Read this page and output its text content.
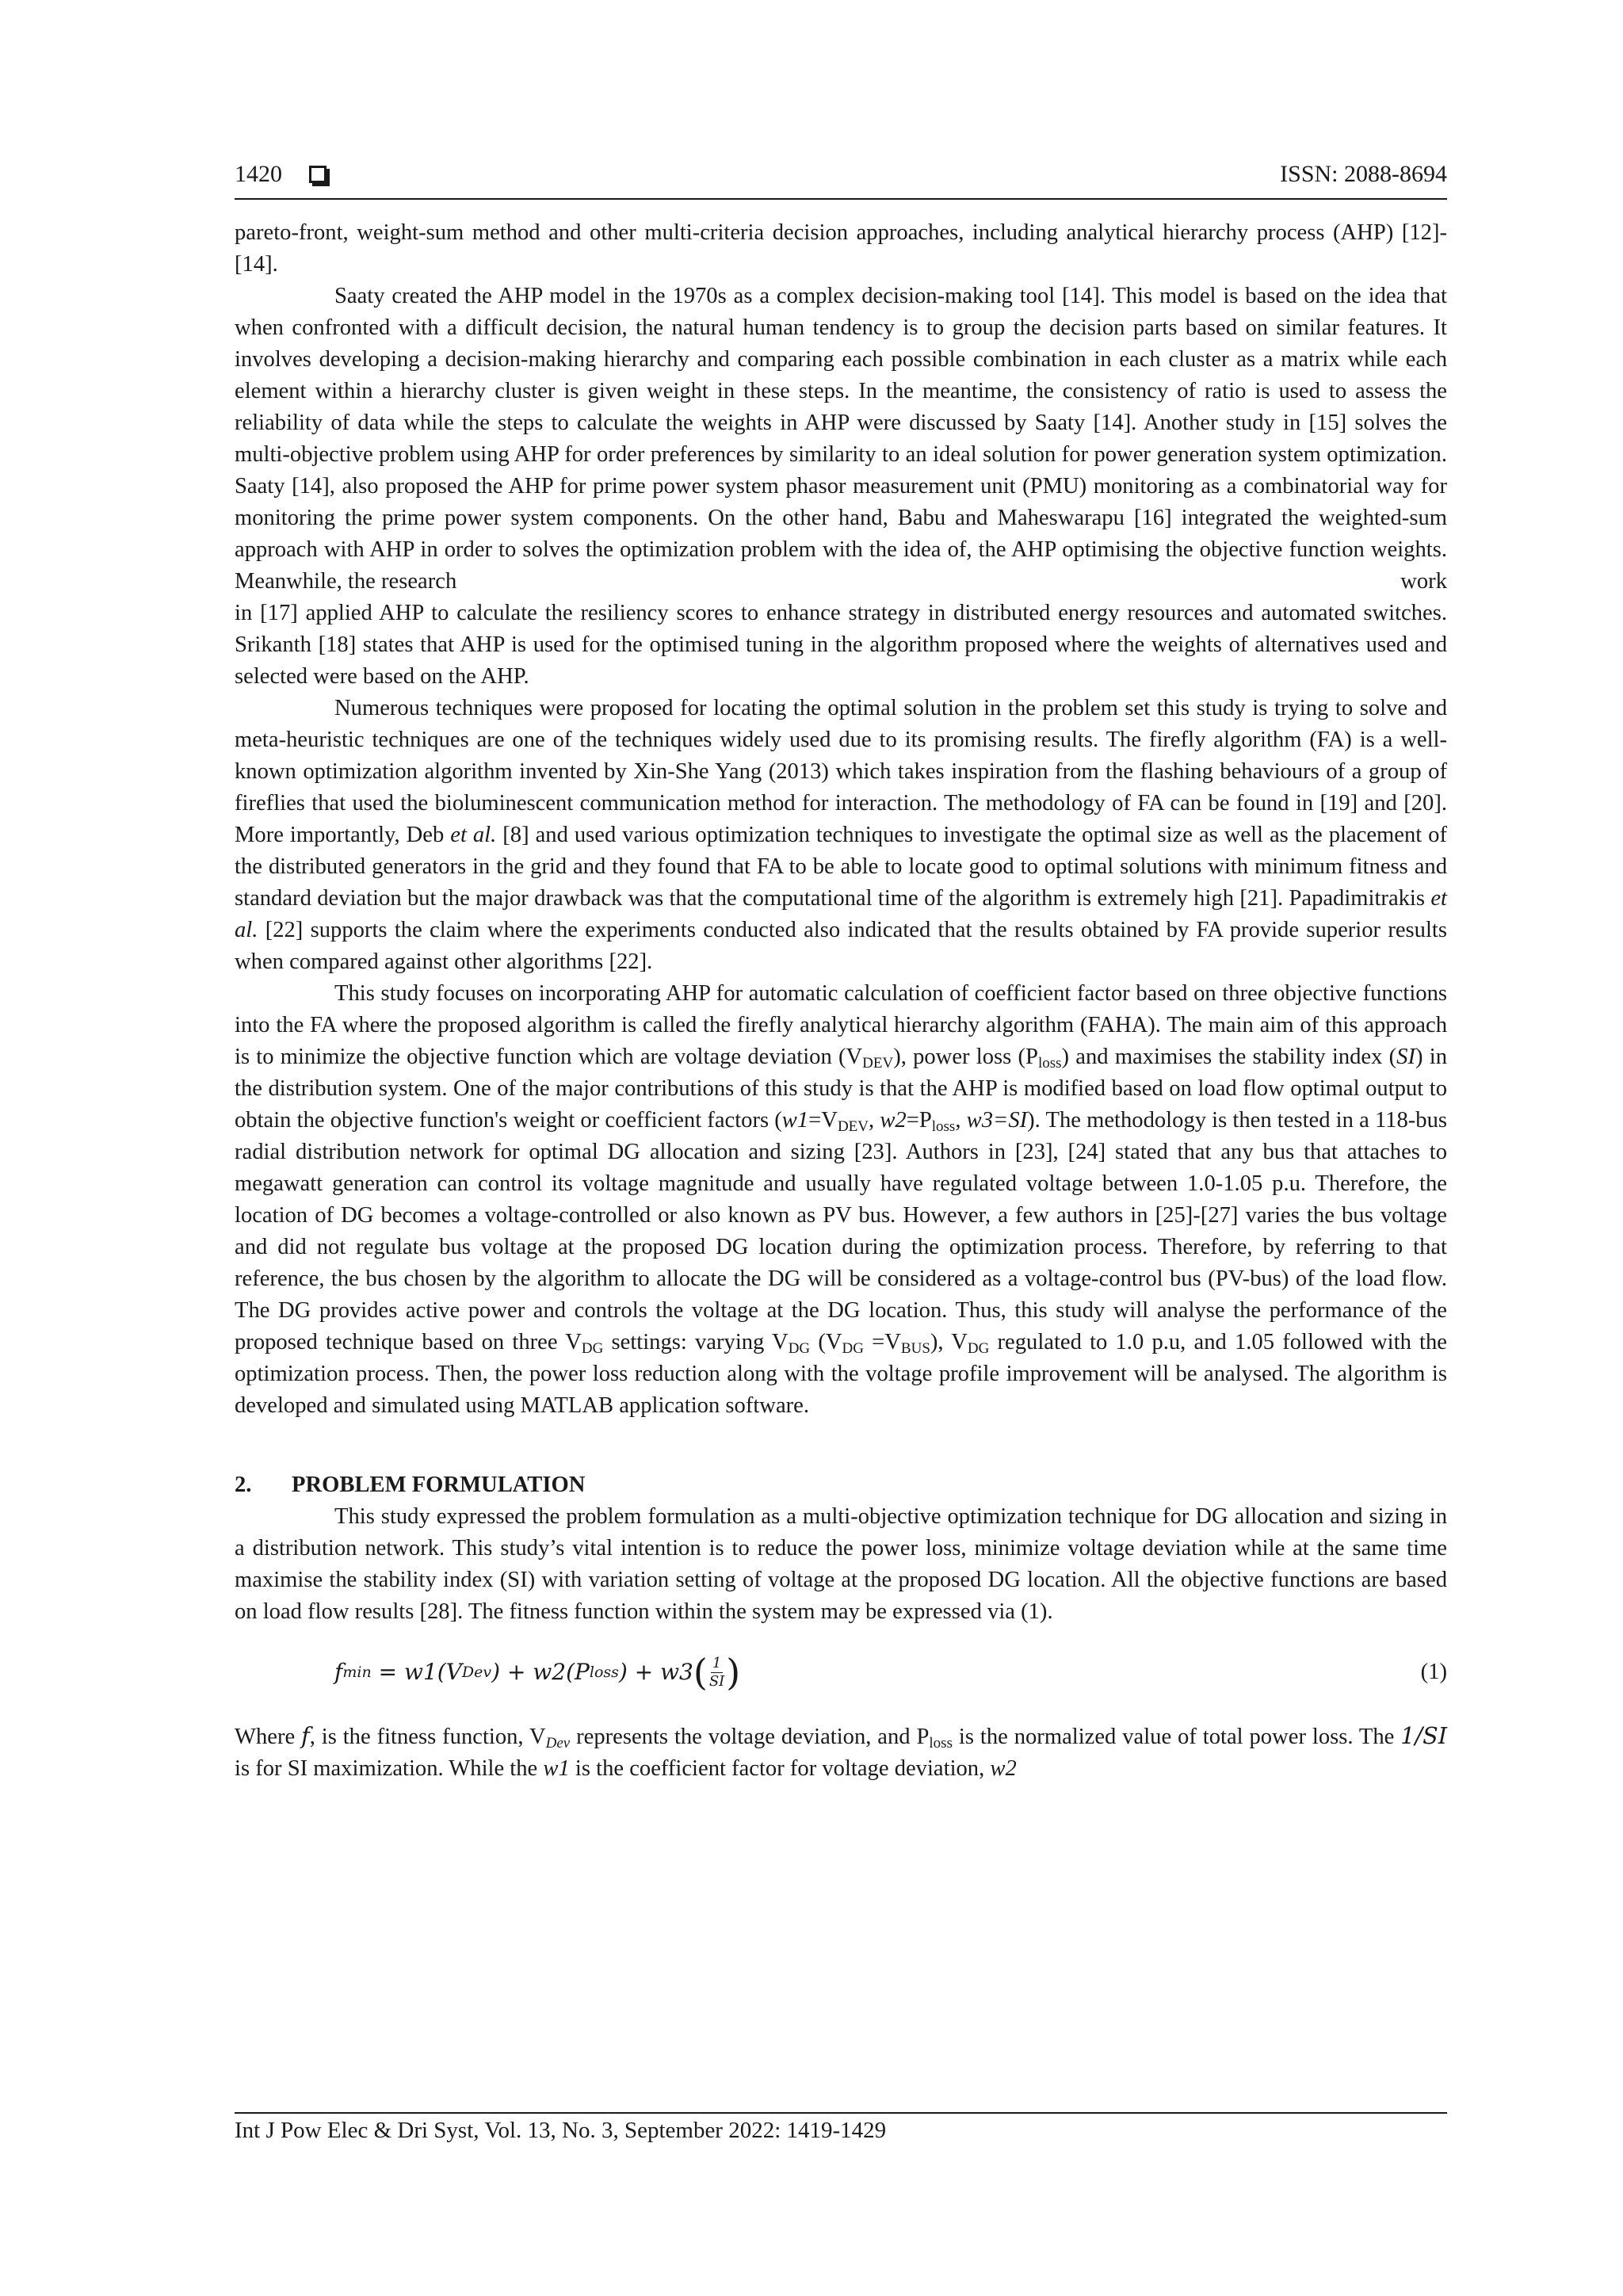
1420	ISSN: 2088-8694

pareto-front, weight-sum method and other multi-criteria decision approaches, including analytical hierarchy process (AHP) [12]-[14].

Saaty created the AHP model in the 1970s as a complex decision-making tool [14]. This model is based on the idea that when confronted with a difficult decision, the natural human tendency is to group the decision parts based on similar features. It involves developing a decision-making hierarchy and comparing each possible combination in each cluster as a matrix while each element within a hierarchy cluster is given weight in these steps. In the meantime, the consistency of ratio is used to assess the reliability of data while the steps to calculate the weights in AHP were discussed by Saaty [14]. Another study in [15] solves the multi-objective problem using AHP for order preferences by similarity to an ideal solution for power generation system optimization. Saaty [14], also proposed the AHP for prime power system phasor measurement unit (PMU) monitoring as a combinatorial way for monitoring the prime power system components. On the other hand, Babu and Maheswarapu [16] integrated the weighted-sum approach with AHP in order to solves the optimization problem with the idea of, the AHP optimising the objective function weights. Meanwhile, the research	work

in [17] applied AHP to calculate the resiliency scores to enhance strategy in distributed energy resources and automated switches. Srikanth [18] states that AHP is used for the optimised tuning in the algorithm proposed where the weights of alternatives used and selected were based on the AHP.

Numerous techniques were proposed for locating the optimal solution in the problem set this study is trying to solve and meta-heuristic techniques are one of the techniques widely used due to its promising results. The firefly algorithm (FA) is a well-known optimization algorithm invented by Xin-She Yang (2013) which takes inspiration from the flashing behaviours of a group of fireflies that used the bioluminescent communication method for interaction. The methodology of FA can be found in [19] and [20]. More importantly, Deb et al. [8] and used various optimization techniques to investigate the optimal size as well as the placement of the distributed generators in the grid and they found that FA to be able to locate good to optimal solutions with minimum fitness and standard deviation but the major drawback was that the computational time of the algorithm is extremely high [21]. Papadimitrakis et al. [22] supports the claim where the experiments conducted also indicated that the results obtained by FA provide superior results when compared against other algorithms [22].

This study focuses on incorporating AHP for automatic calculation of coefficient factor based on three objective functions into the FA where the proposed algorithm is called the firefly analytical hierarchy algorithm (FAHA). The main aim of this approach is to minimize the objective function which are voltage deviation $(V_{DEV})$, power loss $(P_{loss})$ and maximises the stability index (SI) in the distribution system. One of the major contributions of this study is that the AHP is modified based on load flow optimal output to obtain the objective function's weight or coefficient factors ($w1=V_{DEV}$, $w2=P_{loss}$, w3=SI). The methodology is then tested in a 118-bus radial distribution network for optimal DG allocation and sizing [23]. Authors in [23], [24] stated that any bus that attaches to megawatt generation can control its voltage magnitude and usually have regulated voltage between 1.0-1.05 p.u. Therefore, the location of DG becomes a voltage-controlled or also known as PV bus. However, a few authors in [25]-[27] varies the bus voltage and did not regulate bus voltage at the proposed DG location during the optimization process. Therefore, by referring to that reference, the bus chosen by the algorithm to allocate the DG will be considered as a voltage-control bus (PV-bus) of the load flow. The DG provides active power and controls the voltage at the DG location. Thus, this study will analyse the performance of the proposed technique based on three $V_{DG}$ settings: varying $V_{DG}$ $(V_{DG} =V_{BUS})$, $V_{DG}$ regulated to 1.0 p.u, and 1.05 followed with the optimization process. Then, the power loss reduction along with the voltage profile improvement will be analysed. The algorithm is developed and simulated using MATLAB application software.

2.	PROBLEM FORMULATION

This study expressed the problem formulation as a multi-objective optimization technique for DG allocation and sizing in a distribution network. This study’s vital intention is to reduce the power loss, minimize voltage deviation while at the same time maximise the stability index (SI) with variation setting of voltage at the proposed DG location. All the objective functions are based on load flow results [28]. The fitness function within the system may be expressed via (1).

f min = w1(V Dev ) + w2(P loss ) + w3 ( $\frac{1}{SI}$ )	(1)

Where f, is the fitness function, $V_{Dev}$ represents the voltage deviation, and $P_{loss}$ is the normalized value of total power loss. The 1/SI is for SI maximization. While the w1 is the coefficient factor for voltage deviation, w2

Int J Pow Elec & Dri Syst, Vol. 13, No. 3, September 2022: 1419-1429
